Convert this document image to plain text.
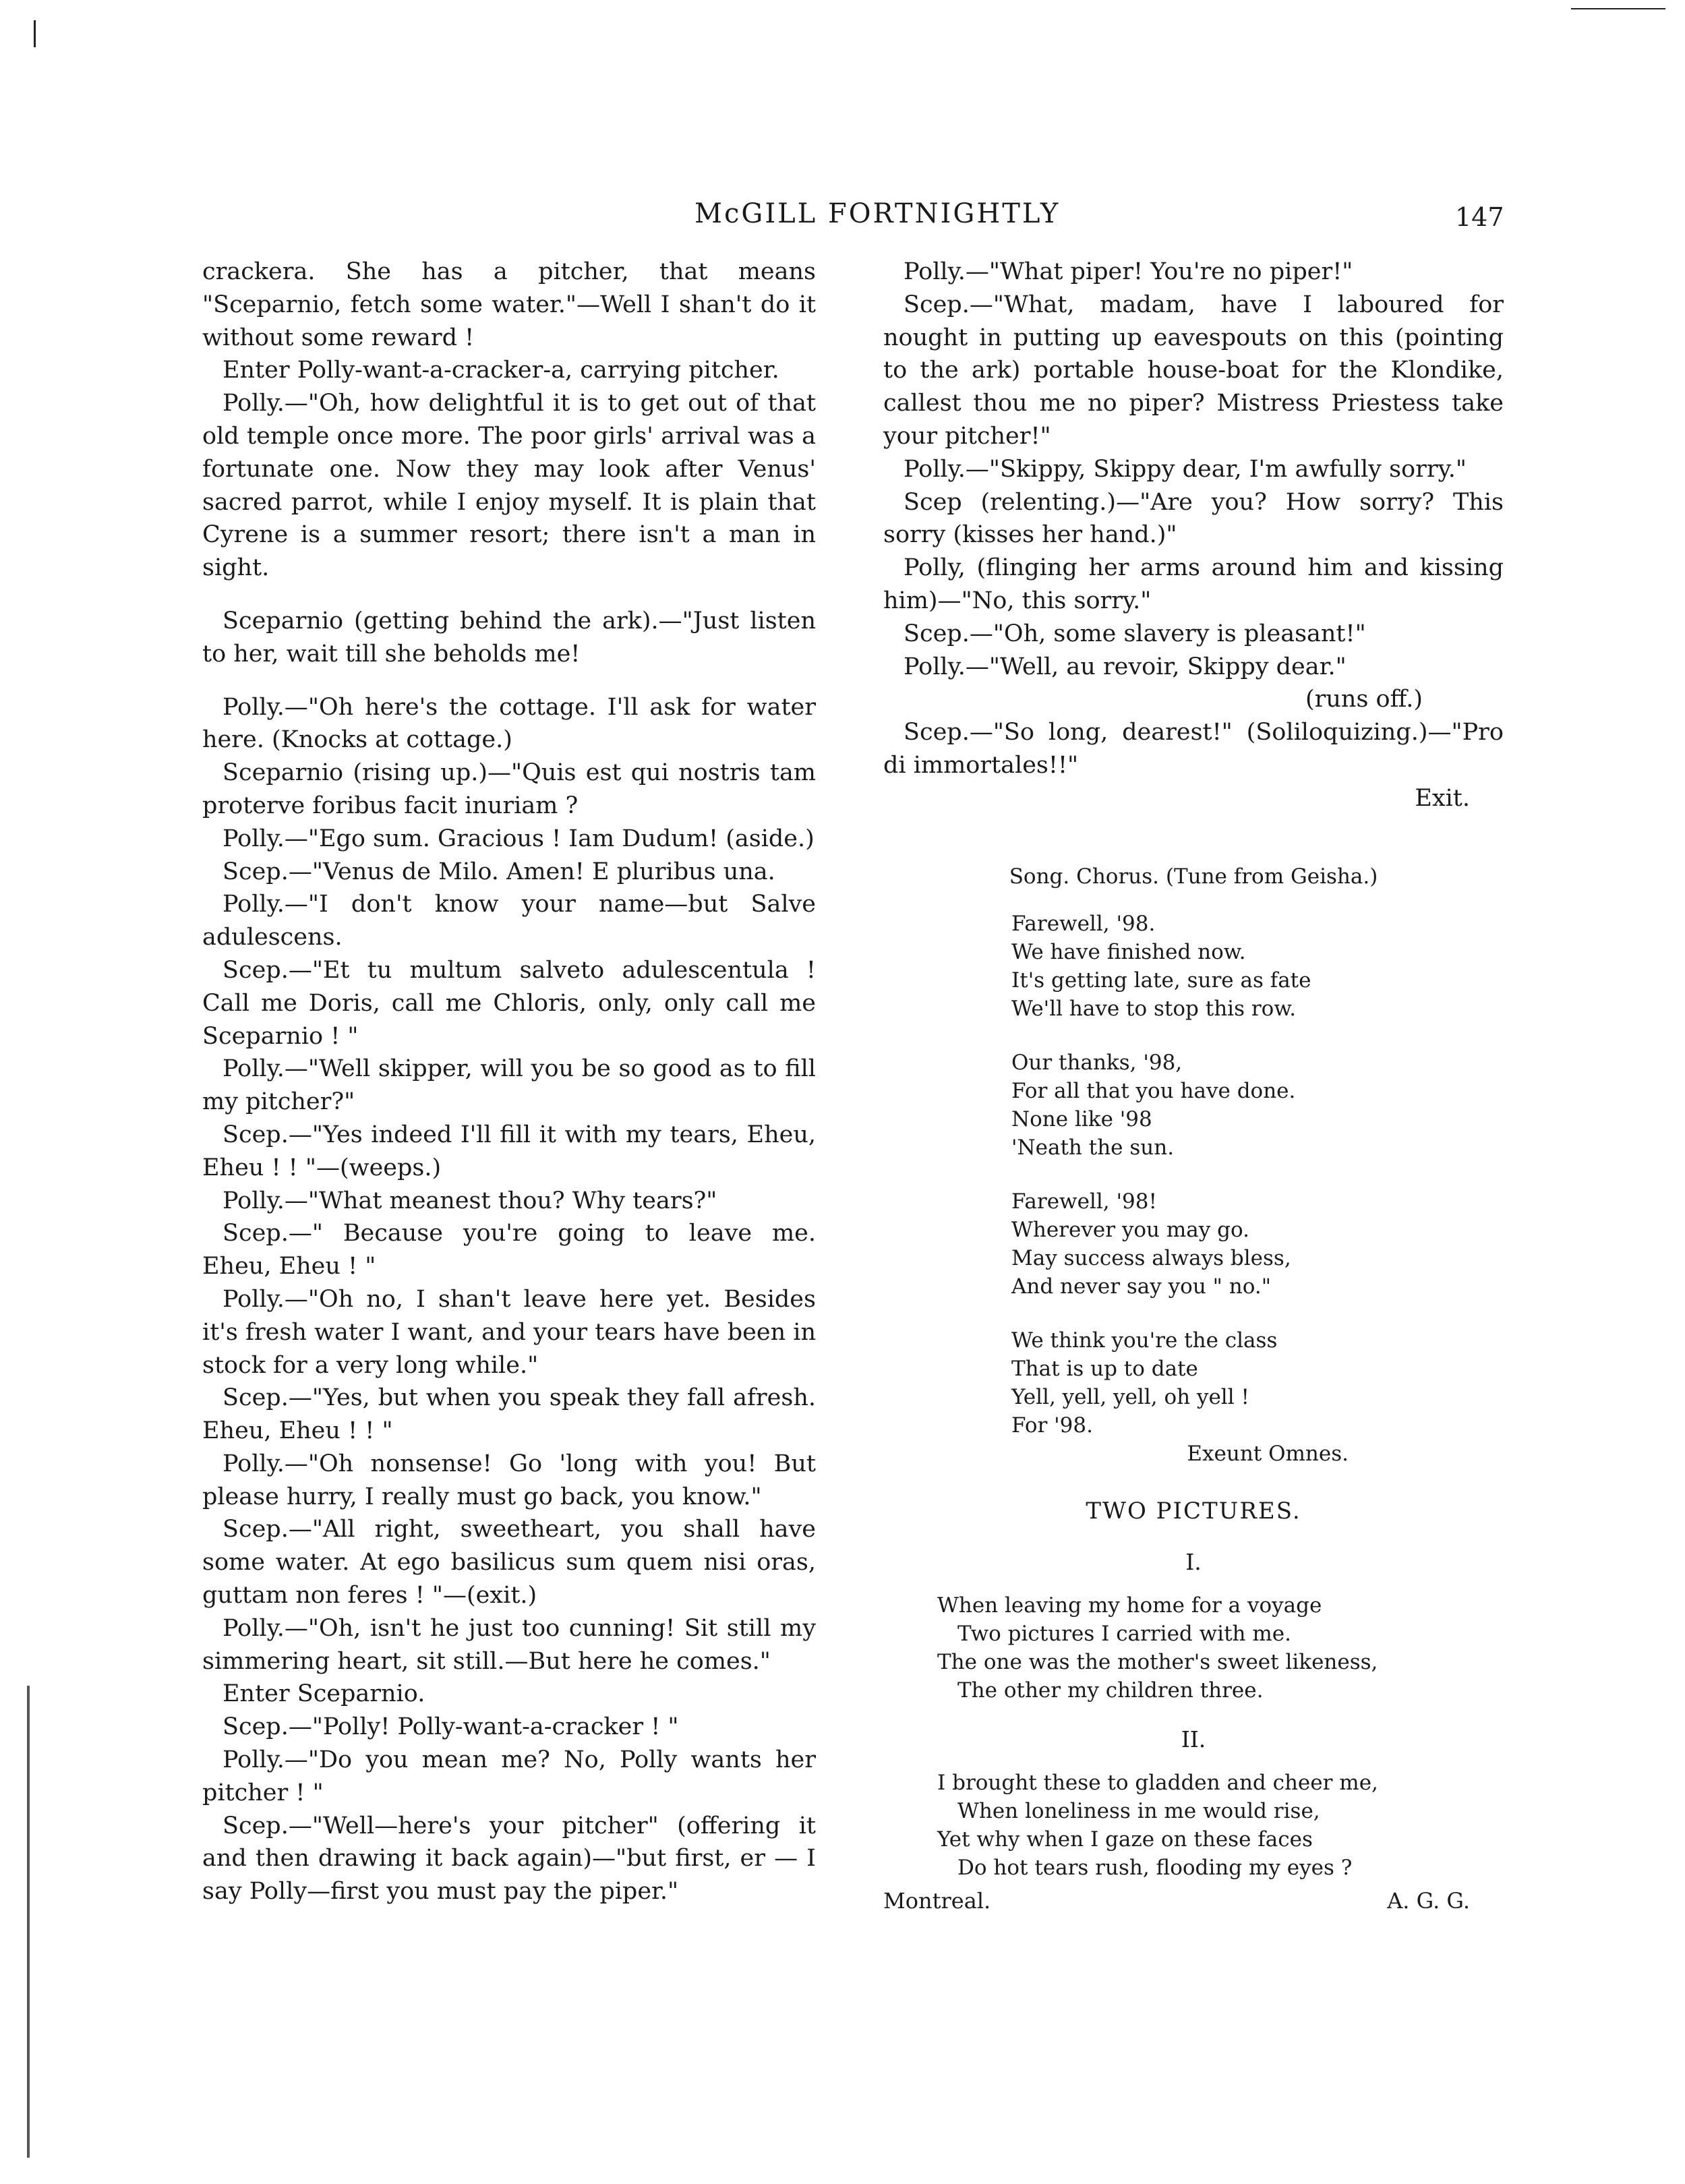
McGILL FORTNIGHTLY	147

crackera. She has a pitcher, that means "Sceparnio, fetch some water."—Well I shan't do it without some reward !

Enter Polly-want-a-cracker-a, carrying pitcher.

Polly.—"Oh, how delightful it is to get out of that old temple once more. The poor girls' arrival was a fortunate one. Now they may look after Venus' sacred parrot, while I enjoy myself. It is plain that Cyrene is a summer resort; there isn't a man in sight.

Sceparnio (getting behind the ark).—"Just listen to her, wait till she beholds me!

Polly.—"Oh here's the cottage. I'll ask for water here. (Knocks at cottage.)

Sceparnio (rising up.)—"Quis est qui nostris tam proterve foribus facit inuriam ?

Polly.—"Ego sum. Gracious ! Iam Dudum! (aside.)

Scep.—"Venus de Milo. Amen! E pluribus una.

Polly.—"I don't know your name—but Salve adulescens.

Scep.—"Et tu multum salveto adulescentula ! Call me Doris, call me Chloris, only, only call me Sceparnio ! "

Polly.—"Well skipper, will you be so good as to fill my pitcher?"

Scep.—"Yes indeed I'll fill it with my tears, Eheu, Eheu ! ! "—(weeps.)

Polly.—"What meanest thou? Why tears?"

Scep.—" Because you're going to leave me. Eheu, Eheu ! "

Polly.—"Oh no, I shan't leave here yet. Besides it's fresh water I want, and your tears have been in stock for a very long while."

Scep.—"Yes, but when you speak they fall afresh. Eheu, Eheu ! ! "

Polly.—"Oh nonsense! Go 'long with you! But please hurry, I really must go back, you know."

Scep.—"All right, sweetheart, you shall have some water. At ego basilicus sum quem nisi oras, guttam non feres ! "—(exit.)

Polly.—"Oh, isn't he just too cunning! Sit still my simmering heart, sit still.—But here he comes."

Enter Sceparnio.

Scep.—"Polly! Polly-want-a-cracker ! "

Polly.—"Do you mean me? No, Polly wants her pitcher ! "

Scep.—"Well—here's your pitcher" (offering it and then drawing it back again)—"but first, er — I say Polly—first you must pay the piper."

Polly.—"What piper! You're no piper!"

Scep.—"What, madam, have I laboured for nought in putting up eavespouts on this (pointing to the ark) portable house-boat for the Klondike, callest thou me no piper? Mistress Priestess take your pitcher!"

Polly.—"Skippy, Skippy dear, I'm awfully sorry."

Scep (relenting.)—"Are you? How sorry? This sorry (kisses her hand.)"

Polly, (flinging her arms around him and kissing him)—"No, this sorry."

Scep.—"Oh, some slavery is pleasant!"

Polly.—"Well, au revoir, Skippy dear."

(runs off.)

Scep.—"So long, dearest!" (Soliloquizing.)—"Pro di immortales!!"

Exit.

Song. Chorus. (Tune from Geisha.)
Farewell, '98.
We have finished now.
It's getting late, sure as fate
We'll have to stop this row.
Our thanks, '98,
For all that you have done.
None like '98
'Neath the sun.
Farewell, '98!
Wherever you may go.
May success always bless,
And never say you " no."
We think you're the class
That is up to date
Yell, yell, yell, oh yell !
For '98.
Exeunt Omnes.
TWO PICTURES.
I.
When leaving my home for a voyage
Two pictures I carried with me.
The one was the mother's sweet likeness,
The other my children three.
II.
I brought these to gladden and cheer me,
When loneliness in me would rise,
Yet why when I gaze on these faces
Do hot tears rush, flooding my eyes ?
Montreal.	A. G. G.
